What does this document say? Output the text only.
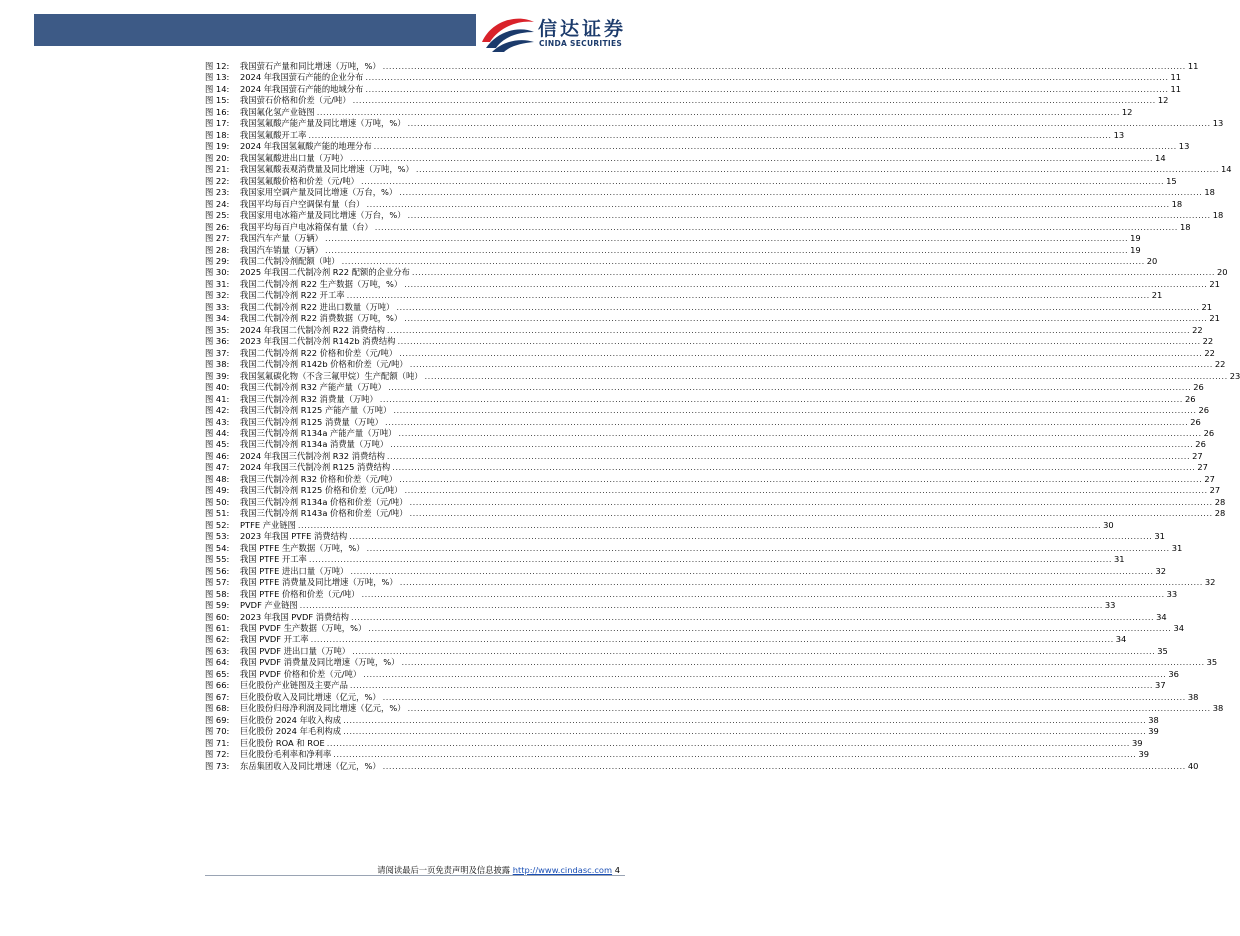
信达证券
CINDA SECURITIES
图 12:	我国萤石产量和同比增速（万吨，%） .....	11
图 13:	2024 年我国萤石产能的企业分布 .....	11
图 14:	2024 年我国萤石产能的地域分布 .....	11
图 15:	我国萤石价格和价差（元/吨） .....	12
图 16:	我国氟化氢产业链图 .....	12
图 17:	我国氢氟酸产能产量及同比增速（万吨，%） .....	13
图 18:	我国氢氟酸开工率 .....	13
图 19:	2024 年我国氢氟酸产能的地理分布 .....	13
图 20:	我国氢氟酸进出口量（万吨） .....	14
图 21:	我国氢氟酸表观消费量及同比增速（万吨，%） .....	14
图 22:	我国氢氟酸价格和价差（元/吨） .....	15
图 23:	我国家用空调产量及同比增速（万台，%） .....	18
图 24:	我国平均每百户空调保有量（台） .....	18
图 25:	我国家用电冰箱产量及同比增速（万台，%） .....	18
图 26:	我国平均每百户电冰箱保有量（台） .....	18
图 27:	我国汽车产量（万辆） .....	19
图 28:	我国汽车销量（万辆） .....	19
图 29:	我国二代制冷剂配额（吨） .....	20
图 30:	2025 年我国二代制冷剂 R22 配额的企业分布 .....	20
图 31:	我国二代制冷剂 R22 生产数据（万吨，%） .....	21
图 32:	我国二代制冷剂 R22 开工率 .....	21
图 33:	我国二代制冷剂 R22 进出口数量（万吨） .....	21
图 34:	我国二代制冷剂 R22 消费数据（万吨，%） .....	21
图 35:	2024 年我国二代制冷剂 R22 消费结构 .....	22
图 36:	2023 年我国二代制冷剂 R142b 消费结构 .....	22
图 37:	我国二代制冷剂 R22 价格和价差（元/吨） .....	22
图 38:	我国二代制冷剂 R142b 价格和价差（元/吨） .....	22
图 39:	我国氢氟碳化物（不含三氟甲烷）生产配额（吨） .....	23
图 40:	我国三代制冷剂 R32 产能产量（万吨） .....	26
图 41:	我国三代制冷剂 R32 消费量（万吨） .....	26
图 42:	我国三代制冷剂 R125 产能产量（万吨） .....	26
图 43:	我国三代制冷剂 R125 消费量（万吨） .....	26
图 44:	我国三代制冷剂 R134a 产能产量（万吨） .....	26
图 45:	我国三代制冷剂 R134a 消费量（万吨） .....	26
图 46:	2024 年我国三代制冷剂 R32 消费结构 .....	27
图 47:	2024 年我国三代制冷剂 R125 消费结构 .....	27
图 48:	我国三代制冷剂 R32 价格和价差（元/吨） .....	27
图 49:	我国三代制冷剂 R125 价格和价差（元/吨） .....	27
图 50:	我国三代制冷剂 R134a 价格和价差（元/吨） .....	28
图 51:	我国三代制冷剂 R143a 价格和价差（元/吨） .....	28
图 52:	PTFE 产业链图 .....	30
图 53:	2023 年我国 PTFE 消费结构 .....	31
图 54:	我国 PTFE 生产数据（万吨，%） .....	31
图 55:	我国 PTFE 开工率 .....	31
图 56:	我国 PTFE 进出口量（万吨） .....	32
图 57:	我国 PTFE 消费量及同比增速（万吨，%） .....	32
图 58:	我国 PTFE 价格和价差（元/吨） .....	33
图 59:	PVDF 产业链图 .....	33
图 60:	2023 年我国 PVDF 消费结构 .....	34
图 61:	我国 PVDF 生产数据（万吨，%） .....	34
图 62:	我国 PVDF 开工率 .....	34
图 63:	我国 PVDF 进出口量（万吨） .....	35
图 64:	我国 PVDF 消费量及同比增速（万吨，%） .....	35
图 65:	我国 PVDF 价格和价差（元/吨） .....	36
图 66:	巨化股份产业链图及主要产品 .....	37
图 67:	巨化股份收入及同比增速（亿元，%） .....	38
图 68:	巨化股份归母净利润及同比增速（亿元，%） .....	38
图 69:	巨化股份 2024 年收入构成 .....	38
图 70:	巨化股份 2024 年毛利构成 .....	39
图 71:	巨化股份 ROA 和 ROE .....	39
图 72:	巨化股份毛利率和净利率 .....	39
图 73:	东岳集团收入及同比增速（亿元，%） .....	40
请阅读最后一页免责声明及信息披露 http://www.cindasc.com 4
